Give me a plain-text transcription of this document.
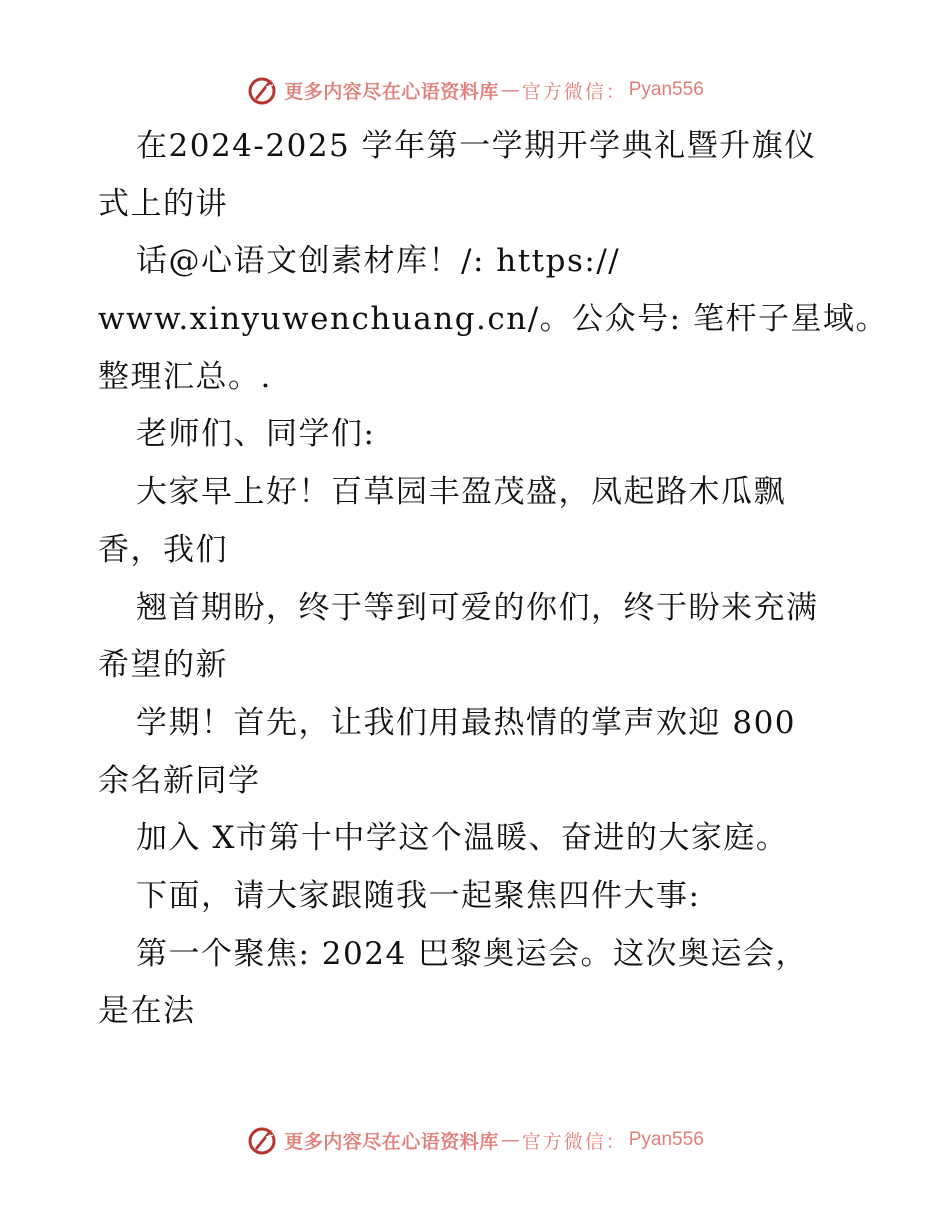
更多内容尽在心语资料库 — 官方微信： Pyan556
在2024-2025 学年第一学期开学典礼暨升旗仪
式上的讲
话@心语文创素材库！/: https://
www.xinyuwenchuang.cn/。公众号: 笔杆子星域。
整理汇总。.
老师们、同学们:
大家早上好！百草园丰盈茂盛，凤起路木瓜飘
香，我们
翘首期盼，终于等到可爱的你们，终于盼来充满
希望的新
学期！首先，让我们用最热情的掌声欢迎 800
余名新同学
加入 X市第十中学这个温暖、奋进的大家庭。
下面，请大家跟随我一起聚焦四件大事:
第一个聚焦: 2024 巴黎奥运会。这次奥运会，
是在法
更多内容尽在心语资料库 — 官方微信： Pyan556
